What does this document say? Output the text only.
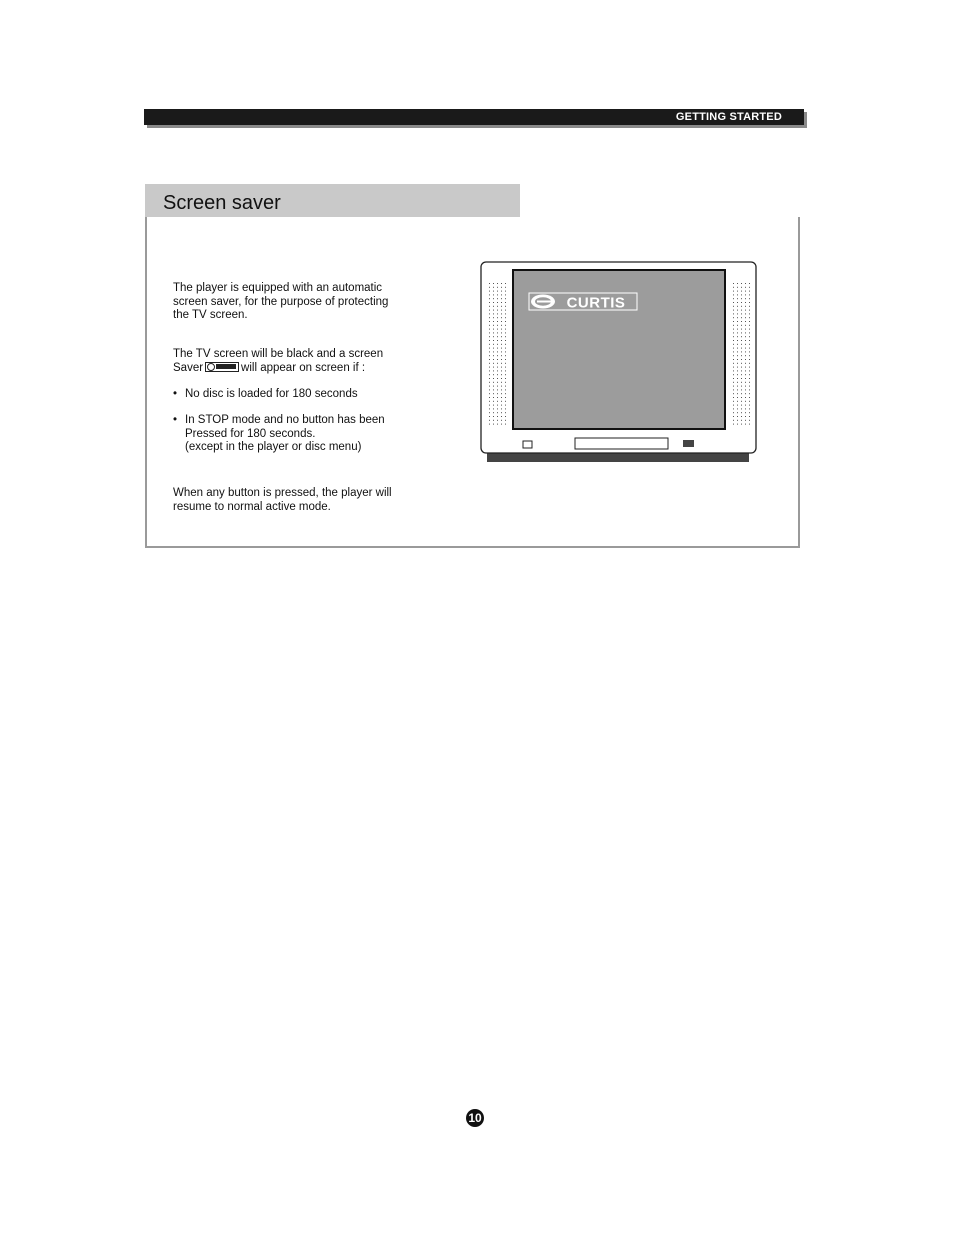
GETTING STARTED
Screen saver
The player is equipped with an automatic
screen saver, for the purpose of protecting
the TV screen.
The TV screen will be black and a screen
Saver	will appear on screen if :
• No disc is loaded for 180 seconds
• In STOP mode and no button has been
Pressed for 180 seconds.
(except in the player or disc menu)
When any button is pressed, the player will
resume to normal active mode.
CURTIS
10
